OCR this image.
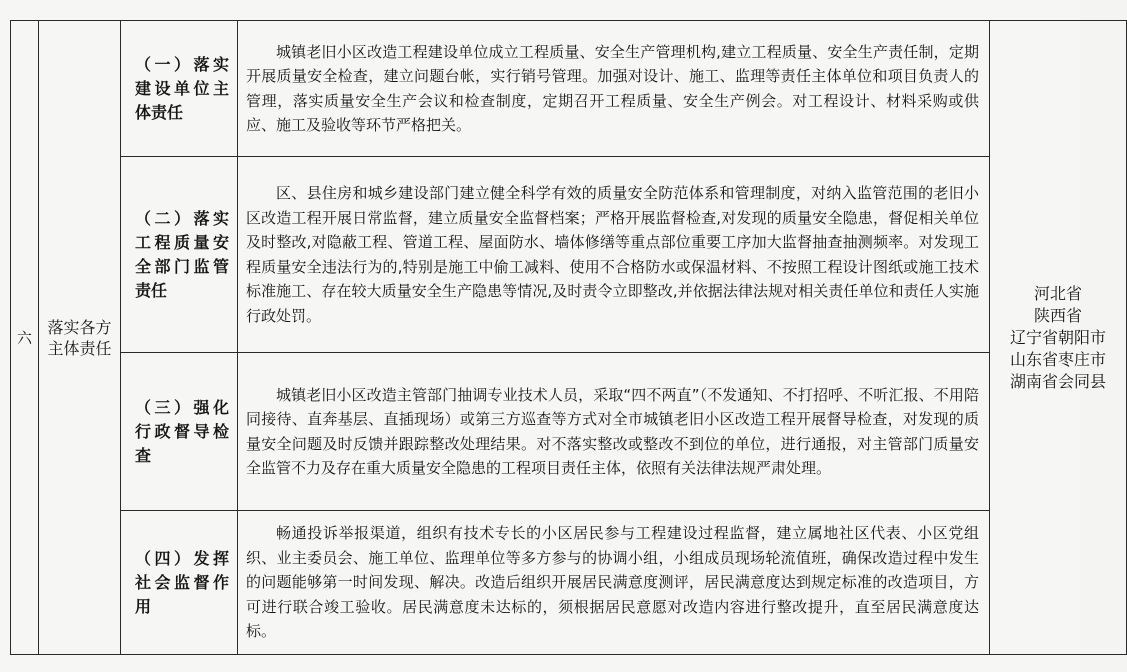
六	落实各方主体责任	（一）落实建设单位主体责任	城镇老旧小区改造工程建设单位成立工程质量、安全生产管理机构,建立工程质量、安全生产责任制，定期开展质量安全检查，建立问题台帐，实行销号管理。加强对设计、施工、监理等责任主体单位和项目负责人的管理，落实质量安全生产会议和检查制度，定期召开工程质量、安全生产例会。对工程设计、材料采购或供应、施工及验收等环节严格把关。	河北省
陕西省
辽宁省朝阳市
山东省枣庄市
湖南省会同县

		（二）落实工程质量安全部门监管责任	区、县住房和城乡建设部门建立健全科学有效的质量安全防范体系和管理制度，对纳入监管范围的老旧小区改造工程开展日常监督，建立质量安全监督档案；严格开展监督检查,对发现的质量安全隐患，督促相关单位及时整改,对隐蔽工程、管道工程、屋面防水、墙体修缮等重点部位重要工序加大监督抽查抽测频率。对发现工程质量安全违法行为的,特别是施工中偷工减料、使用不合格防水或保温材料、不按照工程设计图纸或施工技术标准施工、存在较大质量安全生产隐患等情况,及时责令立即整改,并依据法律法规对相关责任单位和责任人实施行政处罚。	

		（三）强化行政督导检查	城镇老旧小区改造主管部门抽调专业技术人员，采取“四不两直”（不发通知、不打招呼、不听汇报、不用陪同接待、直奔基层、直插现场）或第三方巡查等方式对全市城镇老旧小区改造工程开展督导检查，对发现的质量安全问题及时反馈并跟踪整改处理结果。对不落实整改或整改不到位的单位，进行通报，对主管部门质量安全监管不力及存在重大质量安全隐患的工程项目责任主体，依照有关法律法规严肃处理。	

		（四）发挥社会监督作用	畅通投诉举报渠道，组织有技术专长的小区居民参与工程建设过程监督，建立属地社区代表、小区党组织、业主委员会、施工单位、监理单位等多方参与的协调小组，小组成员现场轮流值班，确保改造过程中发生的问题能够第一时间发现、解决。改造后组织开展居民满意度测评，居民满意度达到规定标准的改造项目，方可进行联合竣工验收。居民满意度未达标的，须根据居民意愿对改造内容进行整改提升，直至居民满意度达标。	
